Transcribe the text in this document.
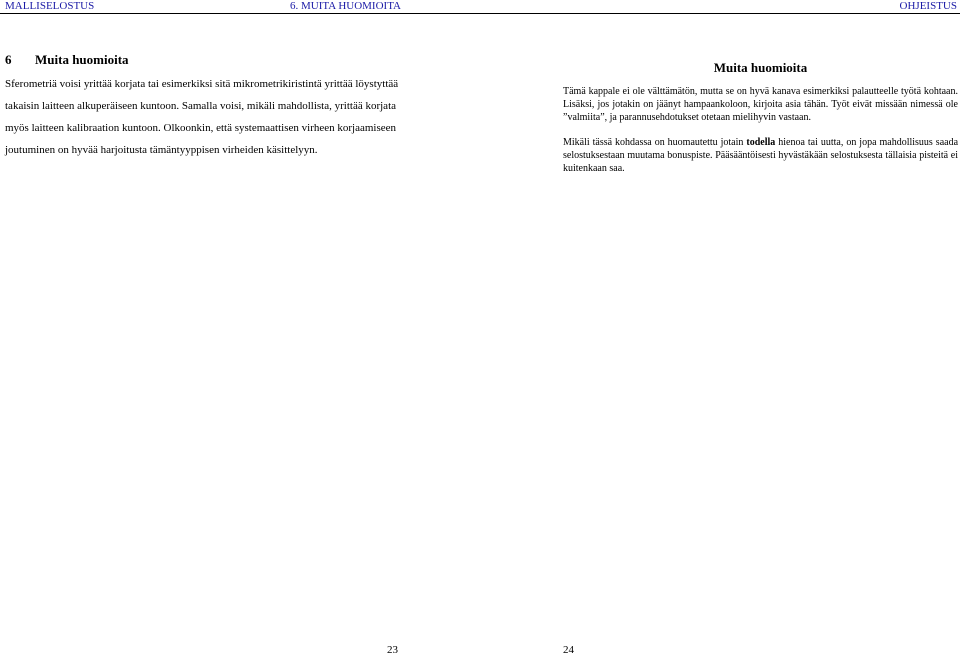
MALLISELOSTUS	6. MUITA HUOMIOITA
6 Muita huomioita

Sferometriä voisi yrittää korjata tai esimerkiksi sitä mikrometrikiristintä yrittää löystyttää takaisin laitteen alkuperäiseen kuntoon. Samalla voisi, mikäli mahdollista, yrittää korjata myös laitteen kalibraation kuntoon. Olkoonkin, että systemaattisen virheen korjaamiseen joutuminen on hyvää harjoitusta tämäntyyppisen virheiden käsittelyyn.

23
OHJEISTUS
Muita huomioita

Tämä kappale ei ole välttämätön, mutta se on hyvä kanava esimerkiksi palautteelle työtä kohtaan. Lisäksi, jos jotakin on jäänyt hampaankoloon, kirjoita asia tähän. Työt eivät missään nimessä ole ”valmiita”, ja parannusehdotukset otetaan mielihyvin vastaan.

Mikäli tässä kohdassa on huomautettu jotain todella hienoa tai uutta, on jopa mahdollisuus saada selostuksestaan muutama bonuspiste. Pääsääntöisesti hyvästäkään selostuksesta tällaisia pisteitä ei kuitenkaan saa.

24
